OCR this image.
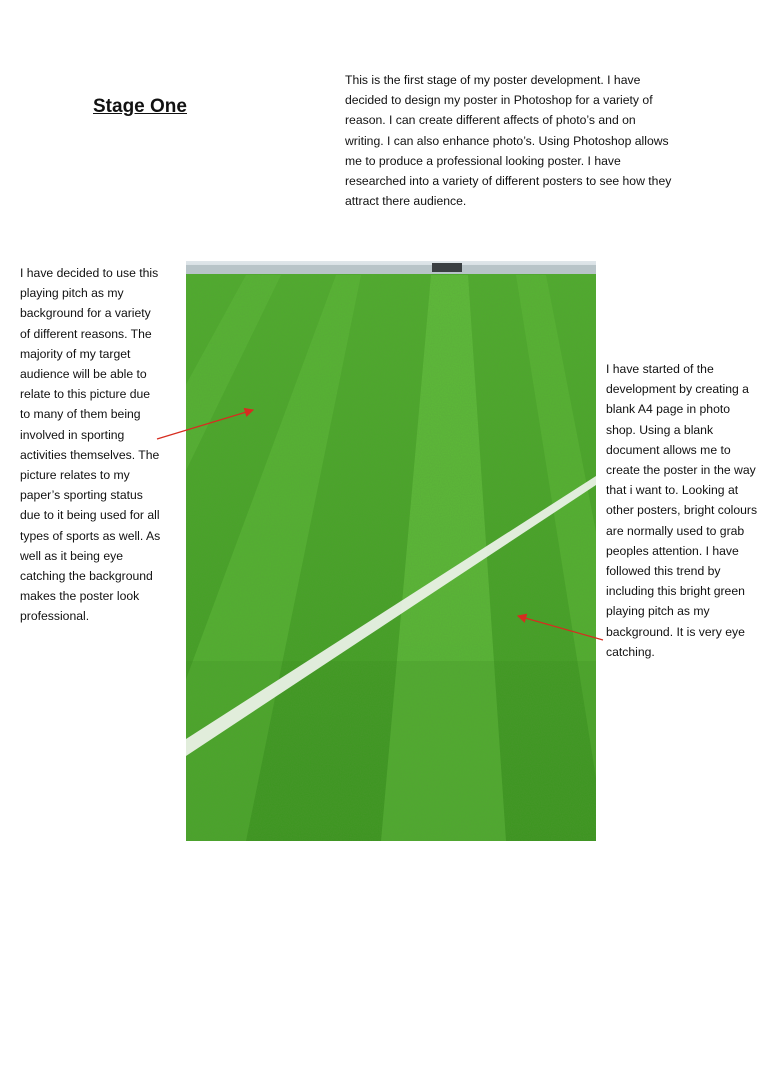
Stage One

This is the first stage of my poster development. I have decided to design my poster in Photoshop for a variety of reason. I can create different affects of photo’s and on writing. I can also enhance photo’s. Using Photoshop allows me to produce a professional looking poster. I have researched into a variety of different posters to see how they attract there audience.

I have decided to use this playing pitch as my background for a variety of different reasons. The majority of my target audience will be able to relate to this picture due to many of them being involved in sporting activities themselves. The picture relates to my paper’s sporting status due to it being used for all types of sports as well. As well as it being eye catching the background makes the poster look professional.

I have started of the development by creating a blank A4 page in photo shop. Using a blank document allows me to create the poster in the way that i want to. Looking at other posters, bright colours are normally used to grab peoples attention. I have followed this trend by including this bright green playing pitch as my background. It is very eye catching.
